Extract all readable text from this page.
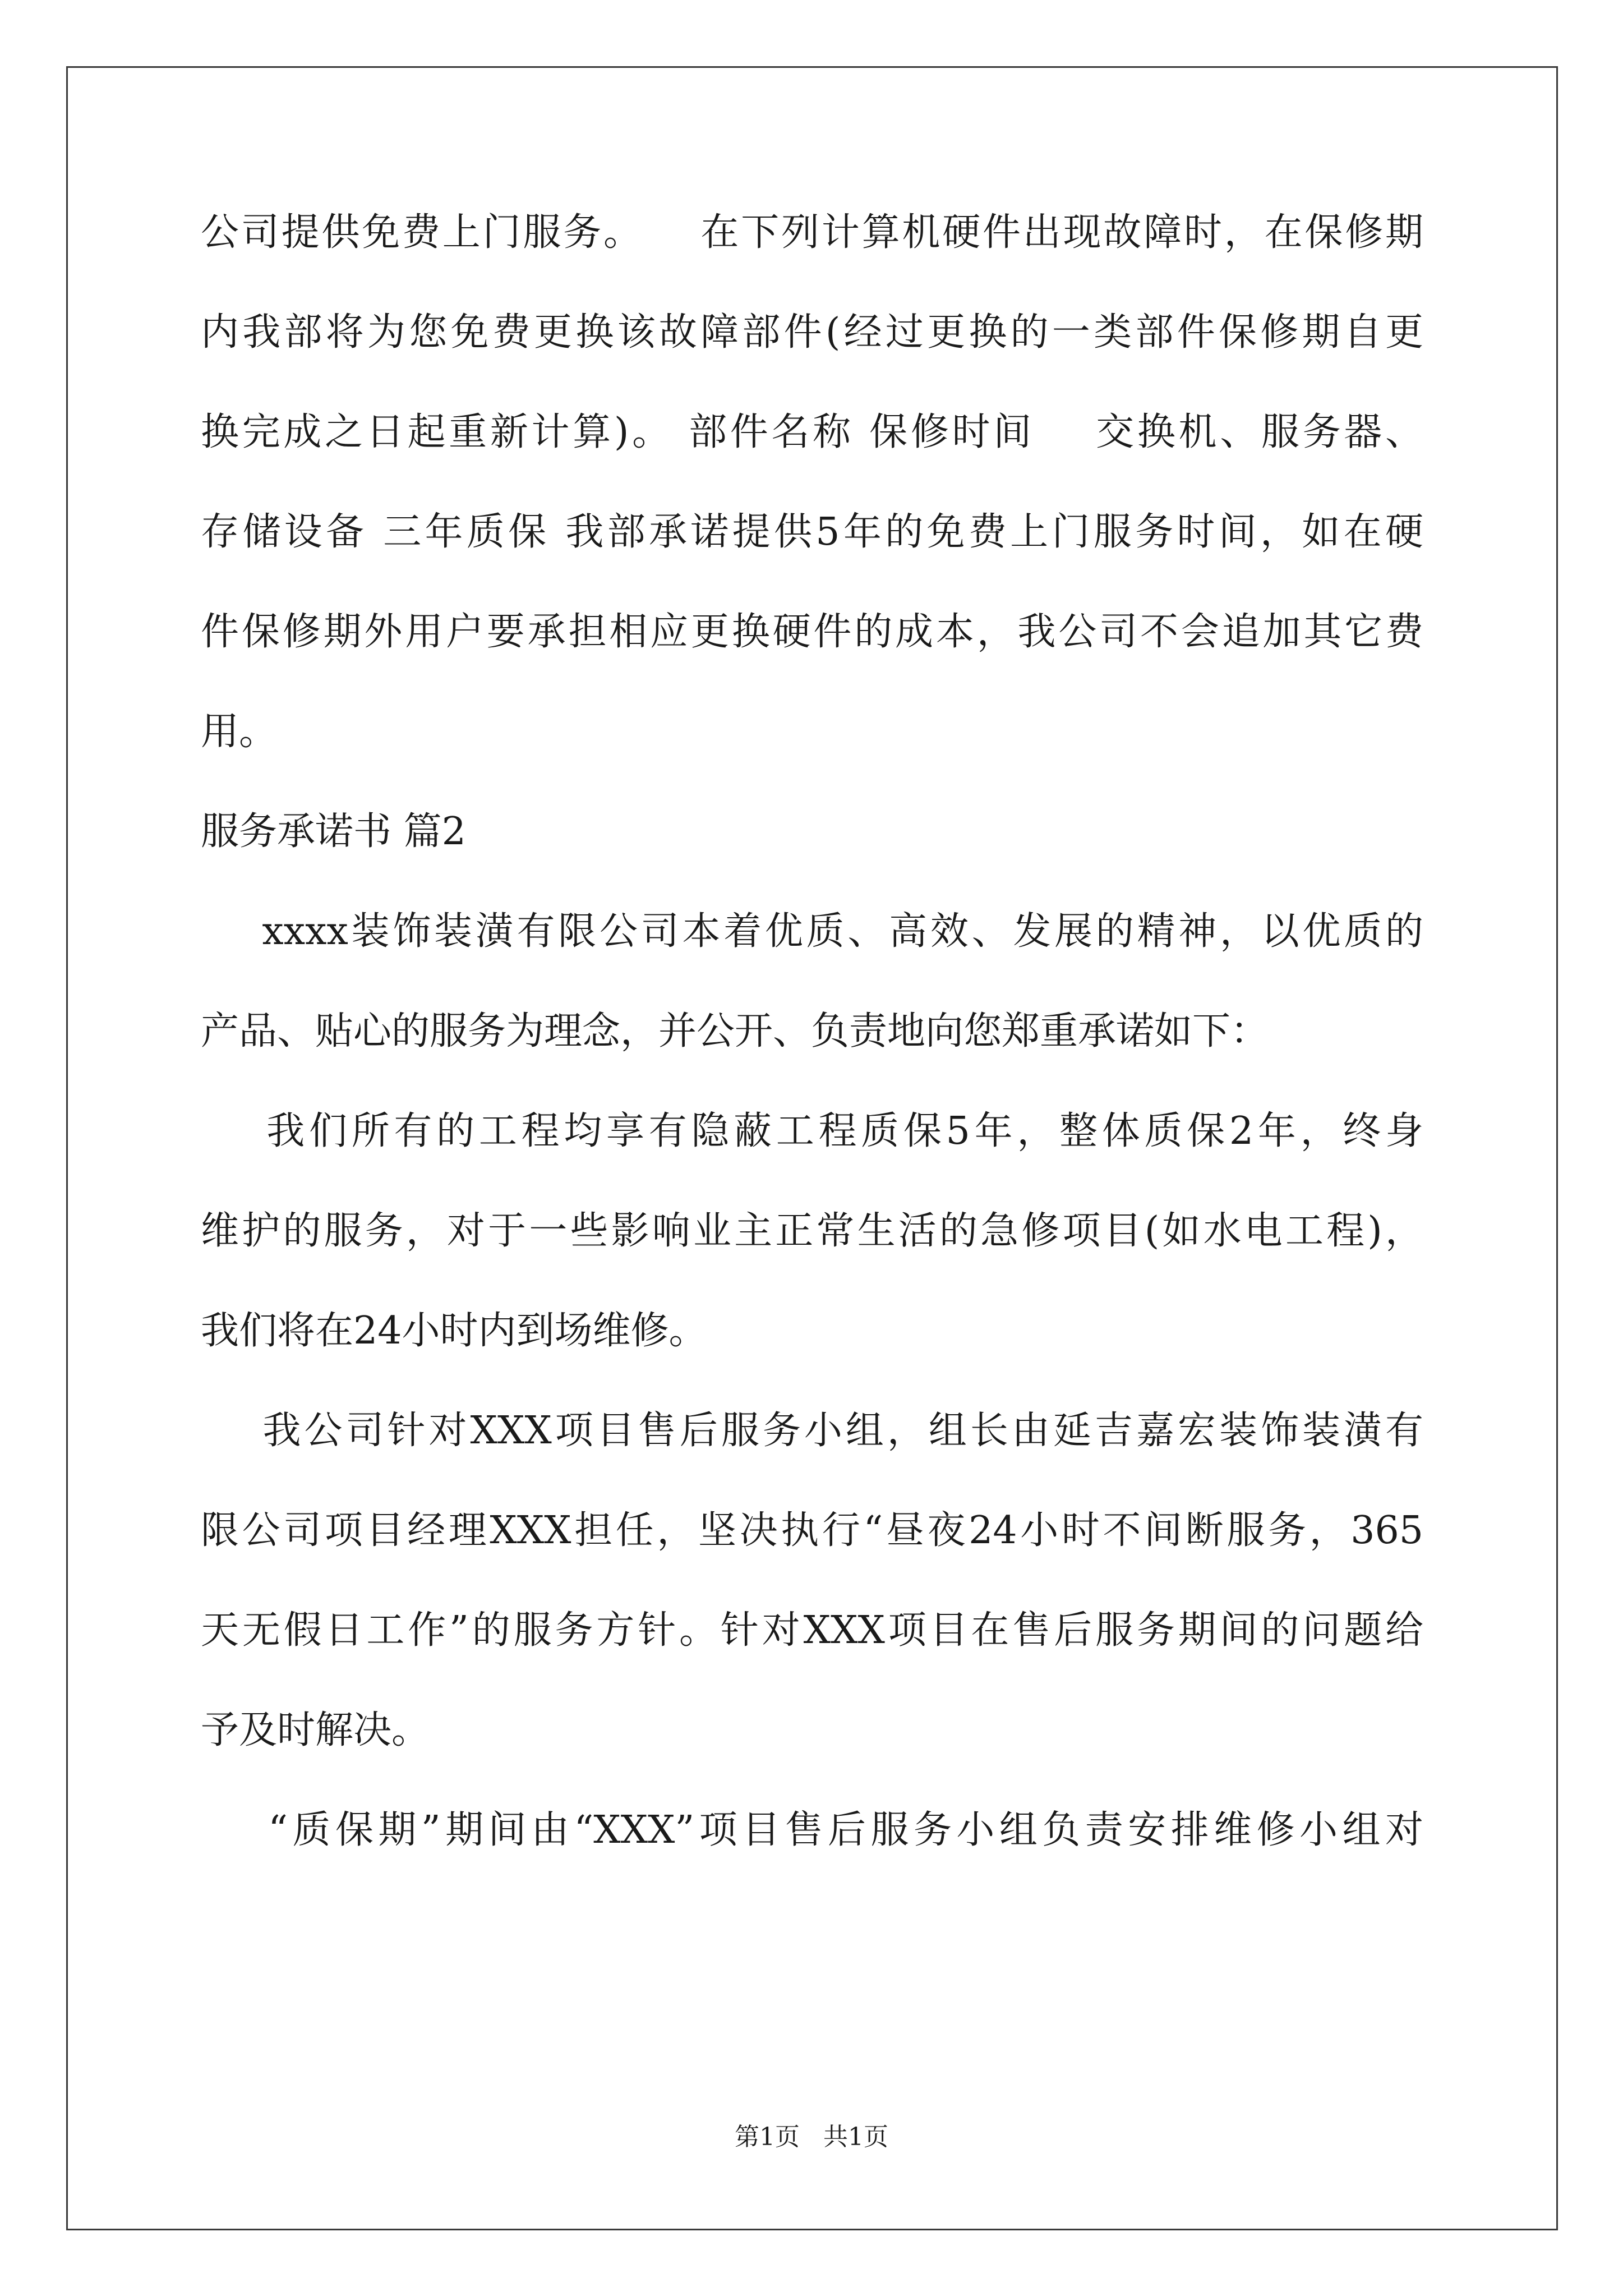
公司提供免费上门服务。    在下列计算机硬件出现故障时，在保修期
内我部将为您免费更换该故障部件(经过更换的一类部件保修期自更
换完成之日起重新计算)。 部件名称 保修时间    交换机、服务器、
存储设备 三年质保 我部承诺提供5年的免费上门服务时间，如在硬
件保修期外用户要承担相应更换硬件的成本，我公司不会追加其它费
用。
服务承诺书 篇2
xxxx装饰装潢有限公司本着优质、高效、发展的精神，以优质的
产品、贴心的服务为理念，并公开、负责地向您郑重承诺如下：
我们所有的工程均享有隐蔽工程质保5年，整体质保2年，终身
维护的服务，对于一些影响业主正常生活的急修项目(如水电工程)，
我们将在24小时内到场维修。
我公司针对XXX项目售后服务小组，组长由延吉嘉宏装饰装潢有
限公司项目经理XXX担任，坚决执行“昼夜24小时不间断服务，365
天无假日工作”的服务方针。针对XXX项目在售后服务期间的问题给
予及时解决。
“质保期”期间由“XXX”项目售后服务小组负责安排维修小组对
第1页   共1页
